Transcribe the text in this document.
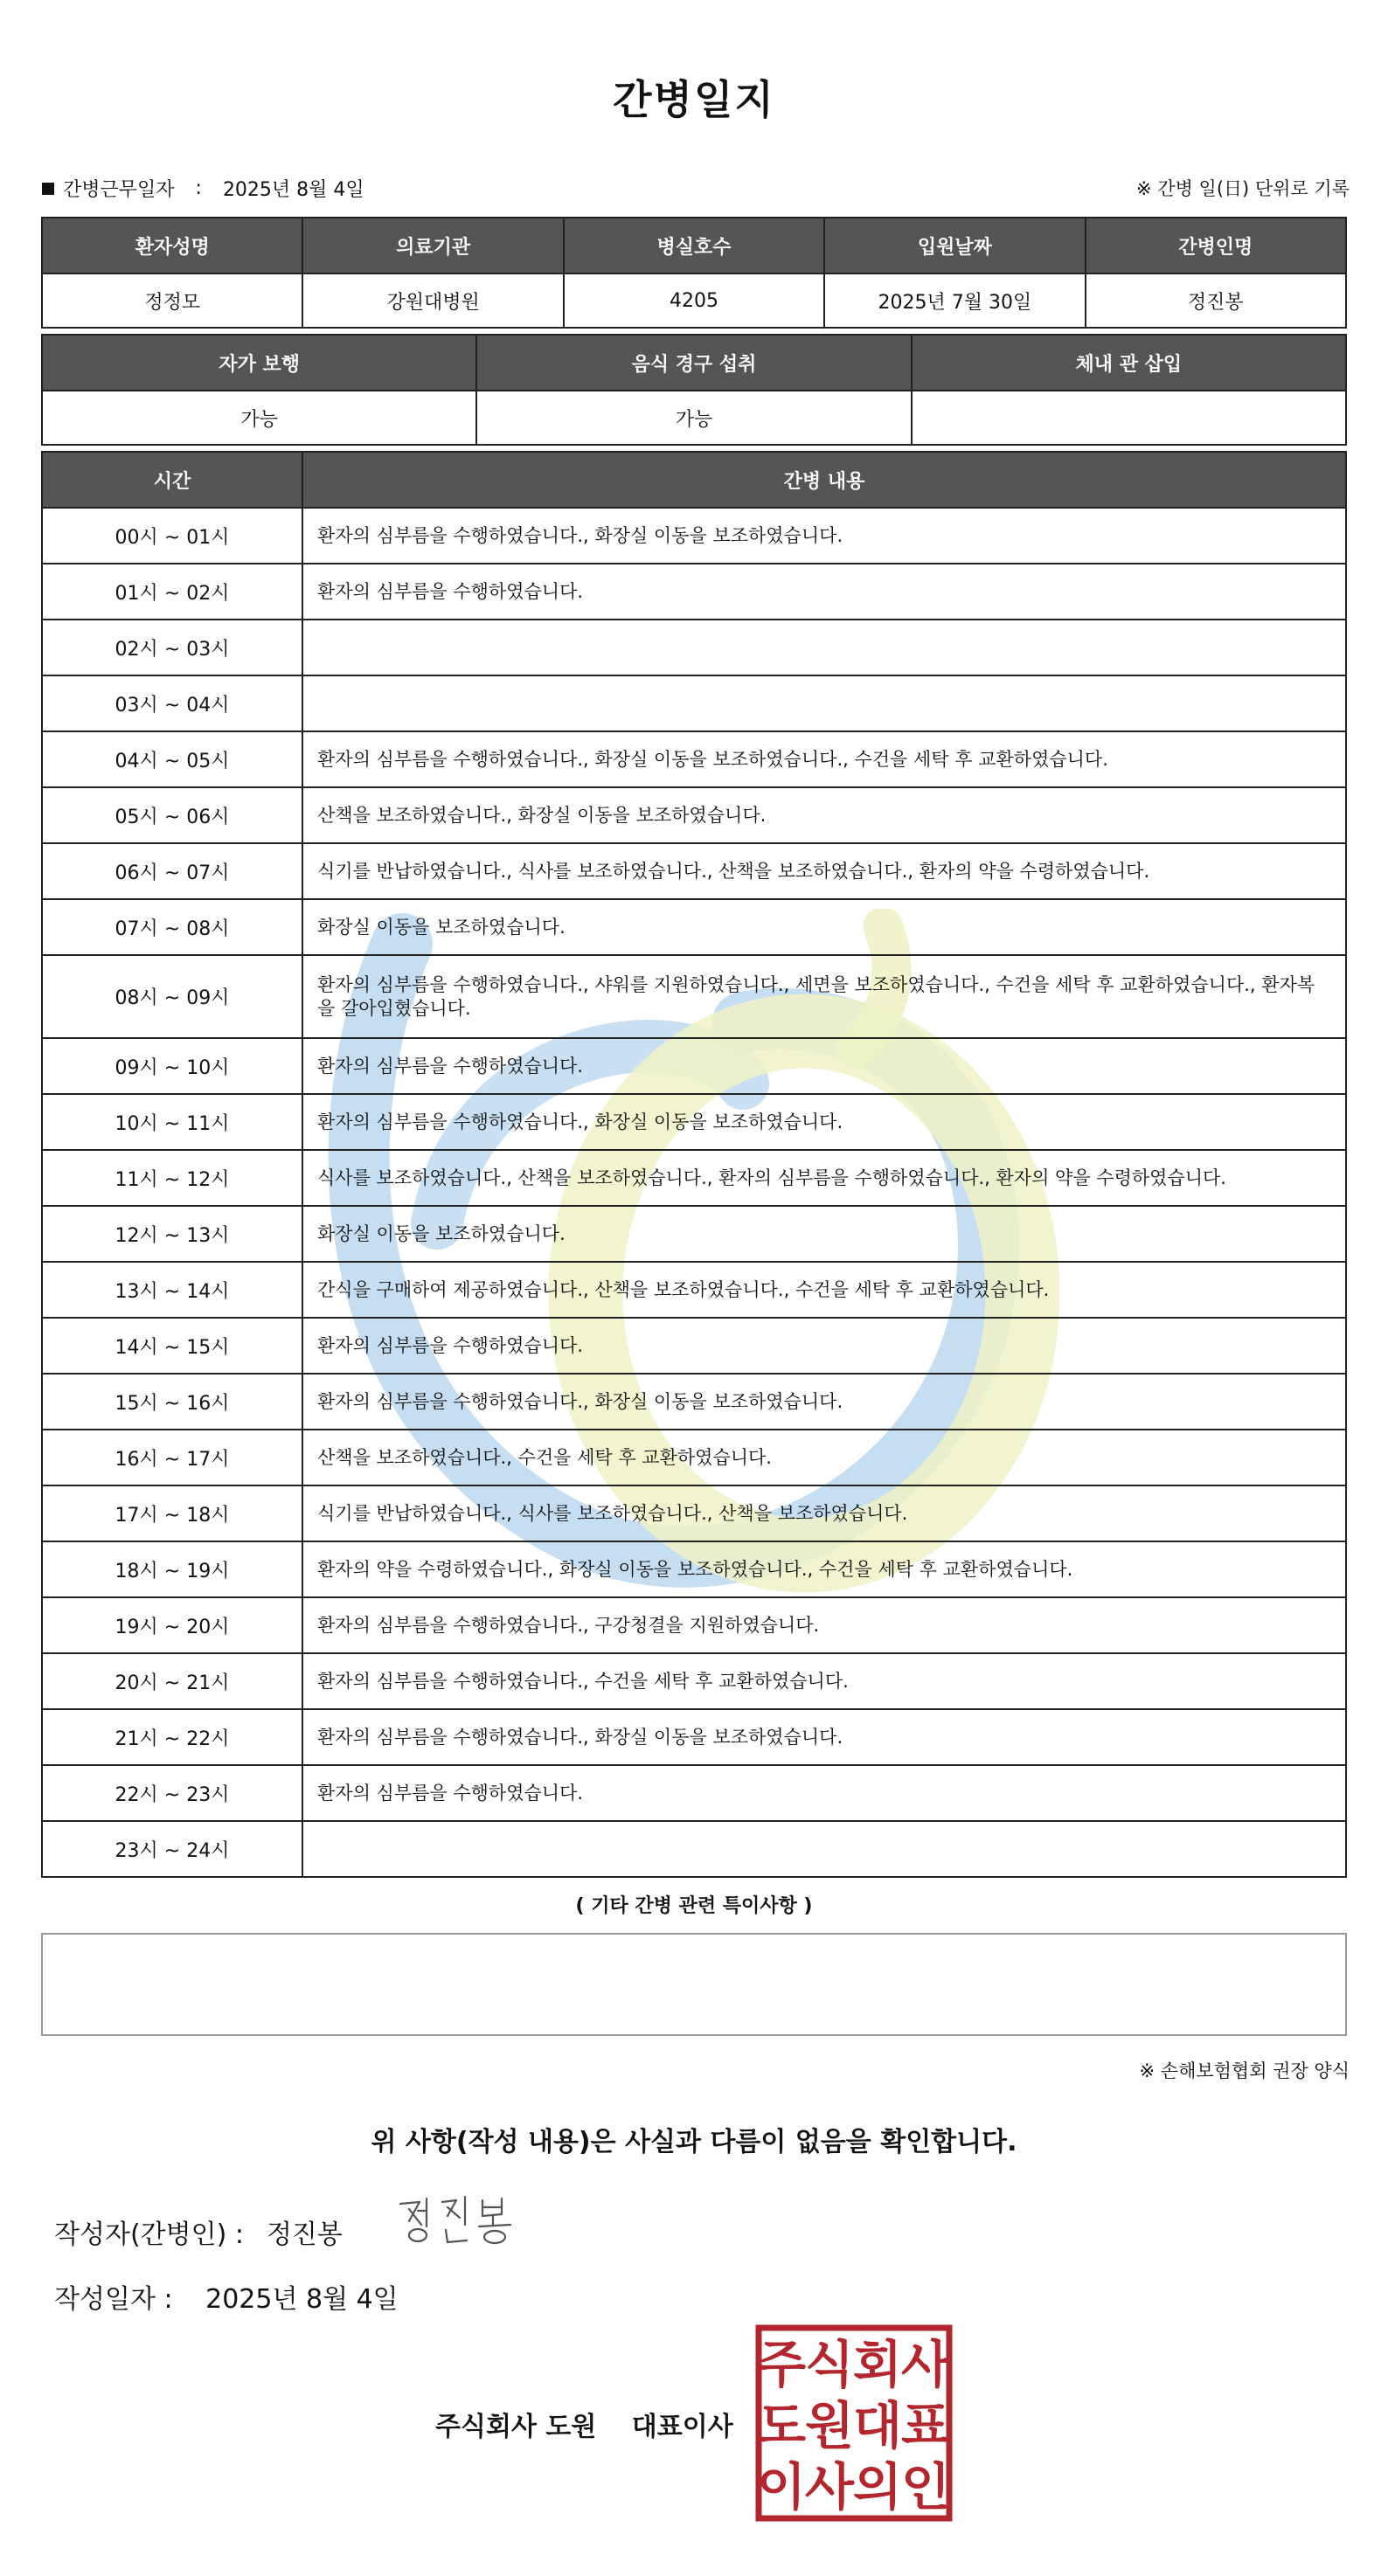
간병일지
간병근무일자 : 2025년 8월 4일	※ 간병 일(日) 단위로 기록
환자성명	의료기관	병실호수	입원날짜	간병인명
정정모	강원대병원	4205	2025년 7월 30일	정진봉
자가 보행	음식 경구 섭취	체내 관 삽입
가능	가능	
시간	간병 내용
00시 ~ 01시	환자의 심부름을 수행하였습니다., 화장실 이동을 보조하였습니다.
01시 ~ 02시	환자의 심부름을 수행하였습니다.
02시 ~ 03시	
03시 ~ 04시	
04시 ~ 05시	환자의 심부름을 수행하였습니다., 화장실 이동을 보조하였습니다., 수건을 세탁 후 교환하였습니다.
05시 ~ 06시	산책을 보조하였습니다., 화장실 이동을 보조하였습니다.
06시 ~ 07시	식기를 반납하였습니다., 식사를 보조하였습니다., 산책을 보조하였습니다., 환자의 약을 수령하였습니다.
07시 ~ 08시	화장실 이동을 보조하였습니다.
08시 ~ 09시	환자의 심부름을 수행하였습니다., 샤워를 지원하였습니다., 세면을 보조하였습니다., 수건을 세탁 후 교환하였습니다., 환자복을 갈아입혔습니다.
09시 ~ 10시	환자의 심부름을 수행하였습니다.
10시 ~ 11시	환자의 심부름을 수행하였습니다., 화장실 이동을 보조하였습니다.
11시 ~ 12시	식사를 보조하였습니다., 산책을 보조하였습니다., 환자의 심부름을 수행하였습니다., 환자의 약을 수령하였습니다.
12시 ~ 13시	화장실 이동을 보조하였습니다.
13시 ~ 14시	간식을 구매하여 제공하였습니다., 산책을 보조하였습니다., 수건을 세탁 후 교환하였습니다.
14시 ~ 15시	환자의 심부름을 수행하였습니다.
15시 ~ 16시	환자의 심부름을 수행하였습니다., 화장실 이동을 보조하였습니다.
16시 ~ 17시	산책을 보조하였습니다., 수건을 세탁 후 교환하였습니다.
17시 ~ 18시	식기를 반납하였습니다., 식사를 보조하였습니다., 산책을 보조하였습니다.
18시 ~ 19시	환자의 약을 수령하였습니다., 화장실 이동을 보조하였습니다., 수건을 세탁 후 교환하였습니다.
19시 ~ 20시	환자의 심부름을 수행하였습니다., 구강청결을 지원하였습니다.
20시 ~ 21시	환자의 심부름을 수행하였습니다., 수건을 세탁 후 교환하였습니다.
21시 ~ 22시	환자의 심부름을 수행하였습니다., 화장실 이동을 보조하였습니다.
22시 ~ 23시	환자의 심부름을 수행하였습니다.
23시 ~ 24시	
( 기타 간병 관련 특이사항 )
※ 손해보험협회 권장 양식
위 사항(작성 내용)은 사실과 다름이 없음을 확인합니다.
작성자(간병인) : 정진봉
작성일자 : 2025년 8월 4일
주식회사 도원 대표이사
주
식
회
사
도
원
대
표
이
사
의
인
